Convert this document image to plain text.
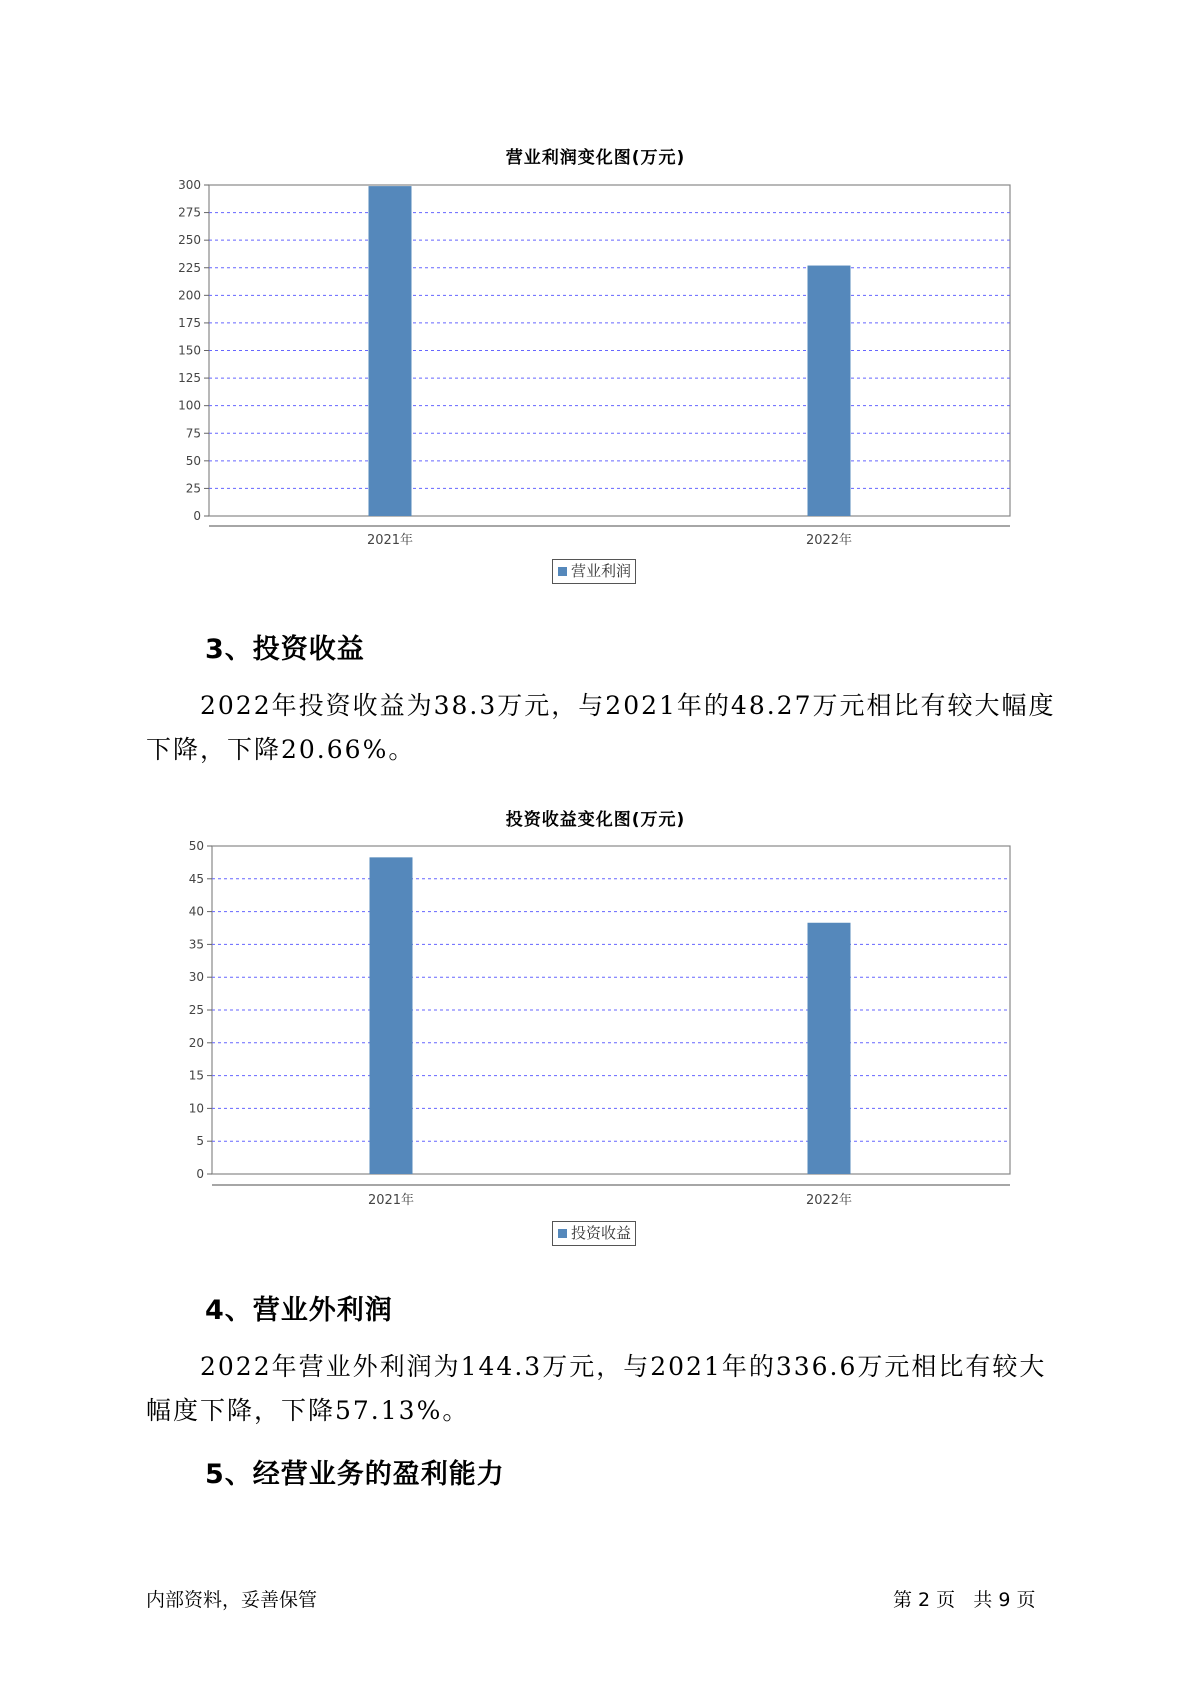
营业利润变化图(万元)
0
25
50
75
100
125
150
175
200
225
250
275
300
2021年	2022年
营业利润
3、投资收益

2022年投资收益为38.3万元，与2021年的48.27万元相比有较大幅度下降，下降20.66%。

投资收益变化图(万元)
0
5
10
15
20
25
30
35
40
45
50
2021年	2022年
投资收益
4、营业外利润

2022年营业外利润为144.3万元，与2021年的336.6万元相比有较大幅度下降，下降57.13%。

5、经营业务的盈利能力
内部资料，妥善保管	第 2 页   共 9 页
